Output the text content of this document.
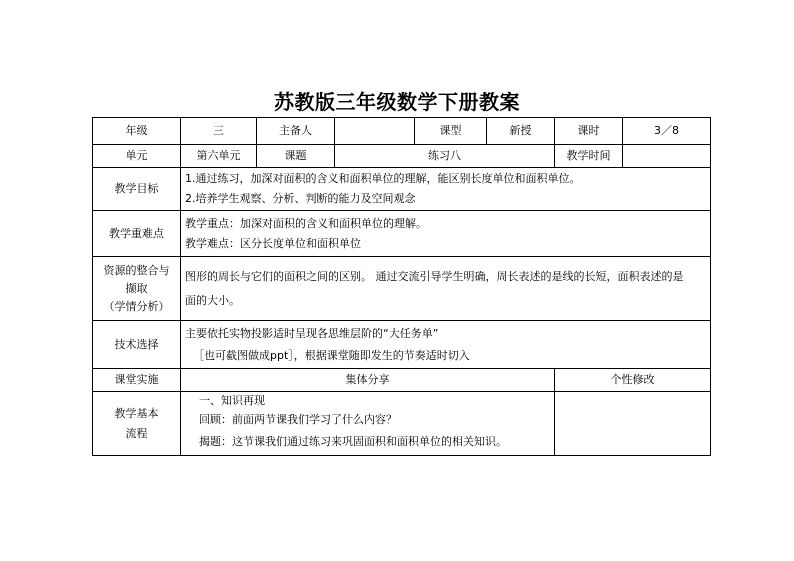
苏教版三年级数学下册教案
年级	三	主备人		课型	新授	课时	3／8
单元	第六单元	课题	练习八			教学时间	
教学目标	1.通过练习，加深对面积的含义和面积单位的理解，能区别长度单位和面积单位。
2.培养学生观察、分析、判断的能力及空间观念						

教学重难点	教学重点：加深对面积的含义和面积单位的理解。
教学难点：区分长度单位和面积单位						

资源的整合与
撷取
（学情分析）	图形的周长与它们的面积之间的区别。 通过交流引导学生明确，周长表述的是线的长短，面积表述的是
面的大小。						

技术选择	主要依托实物投影适时呈现各思维层阶的“大任务单”
［也可截图做成ppt］，根据课堂随即发生的节奏适时切入						

课堂实施	集体分享					个性修改	

教学基本
流程	一、知识再现
回顾：前面两节课我们学习了什么内容？
揭题：这节课我们通过练习来巩固面积和面积单位的相关知识。						
